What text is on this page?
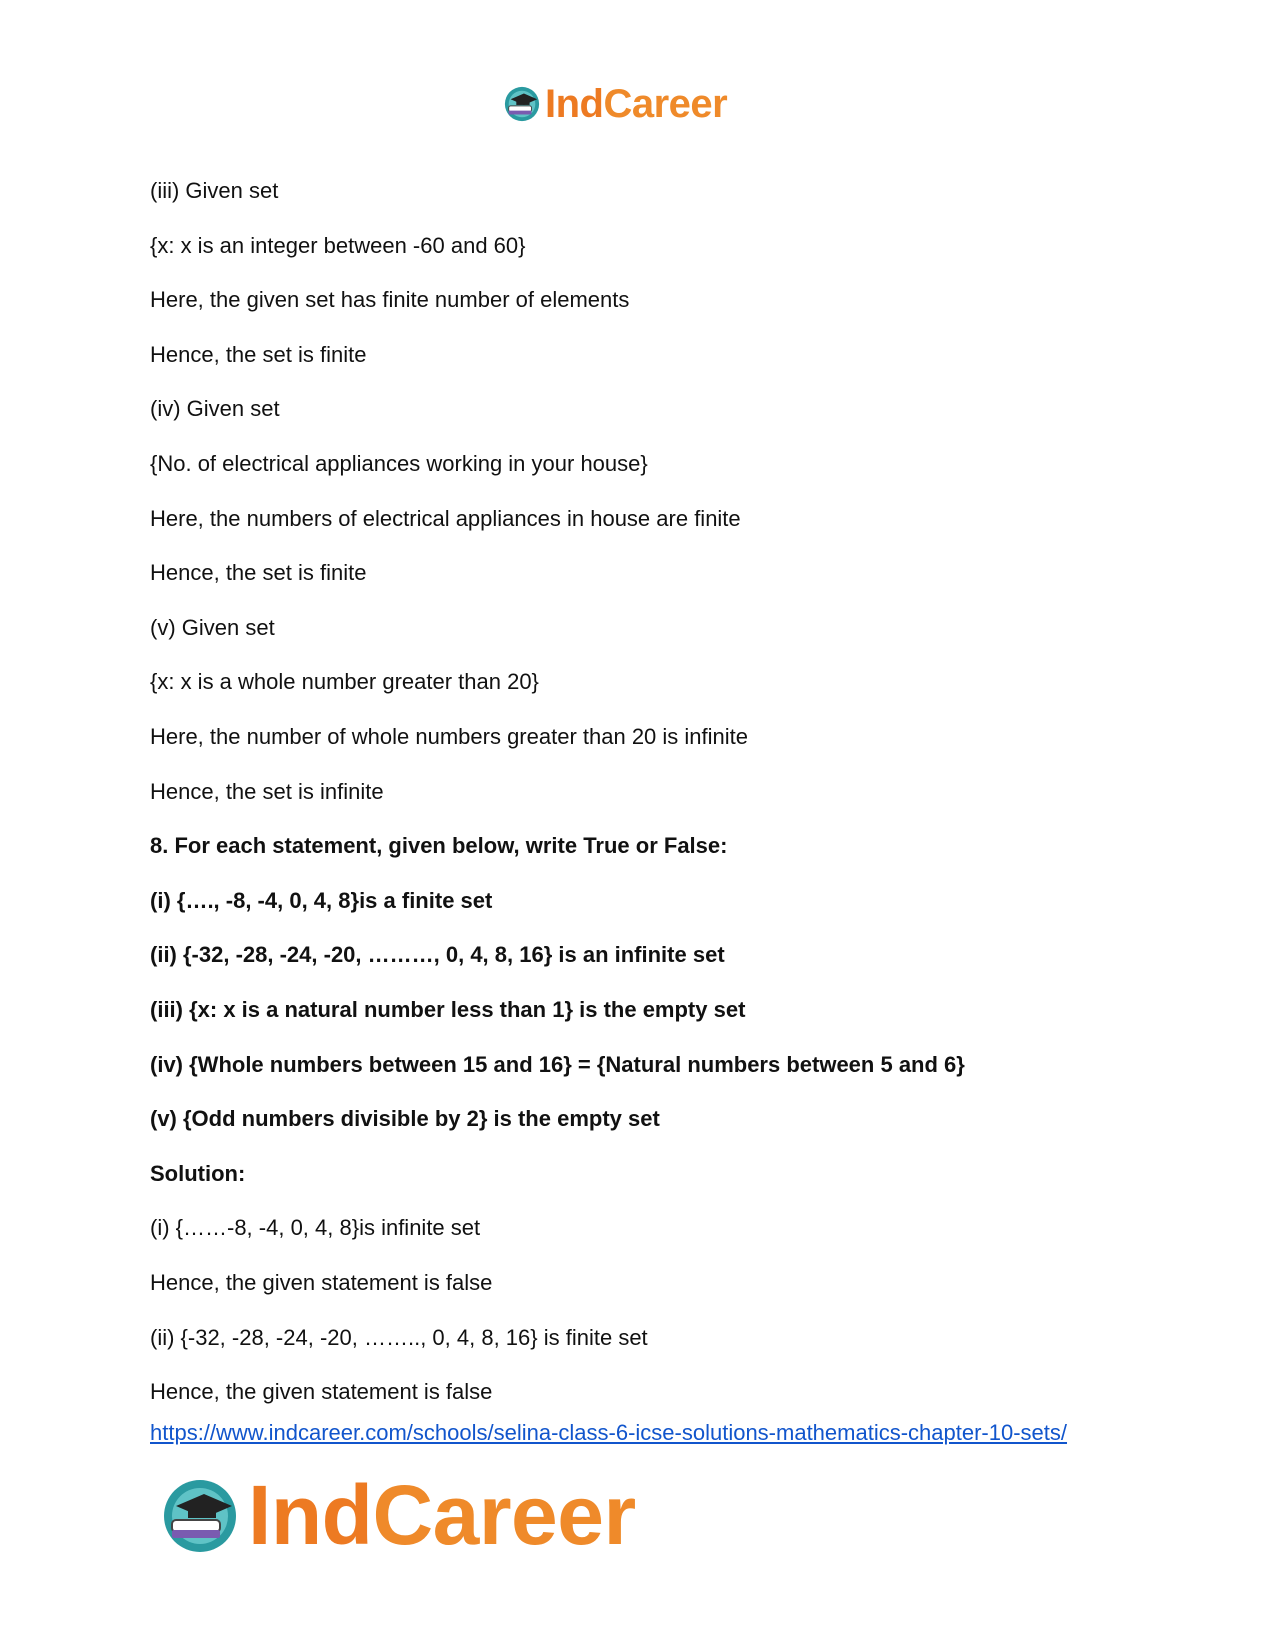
IndCareer
(iii) Given set
{x: x is an integer between -60 and 60}
Here, the given set has finite number of elements
Hence, the set is finite
(iv) Given set
{No. of electrical appliances working in your house}
Here, the numbers of electrical appliances in house are finite
Hence, the set is finite
(v) Given set
{x: x is a whole number greater than 20}
Here, the number of whole numbers greater than 20 is infinite
Hence, the set is infinite
8. For each statement, given below, write True or False:
(i) {…., -8, -4, 0, 4, 8}is a finite set
(ii) {-32, -28, -24, -20, ………, 0, 4, 8, 16} is an infinite set
(iii) {x: x is a natural number less than 1} is the empty set
(iv) {Whole numbers between 15 and 16} = {Natural numbers between 5 and 6}
(v) {Odd numbers divisible by 2} is the empty set
Solution:
(i) {……-8, -4, 0, 4, 8}is infinite set
Hence, the given statement is false
(ii) {-32, -28, -24, -20, …….., 0, 4, 8, 16} is finite set
Hence, the given statement is false
https://www.indcareer.com/schools/selina-class-6-icse-solutions-mathematics-chapter-10-sets/
IndCareer
